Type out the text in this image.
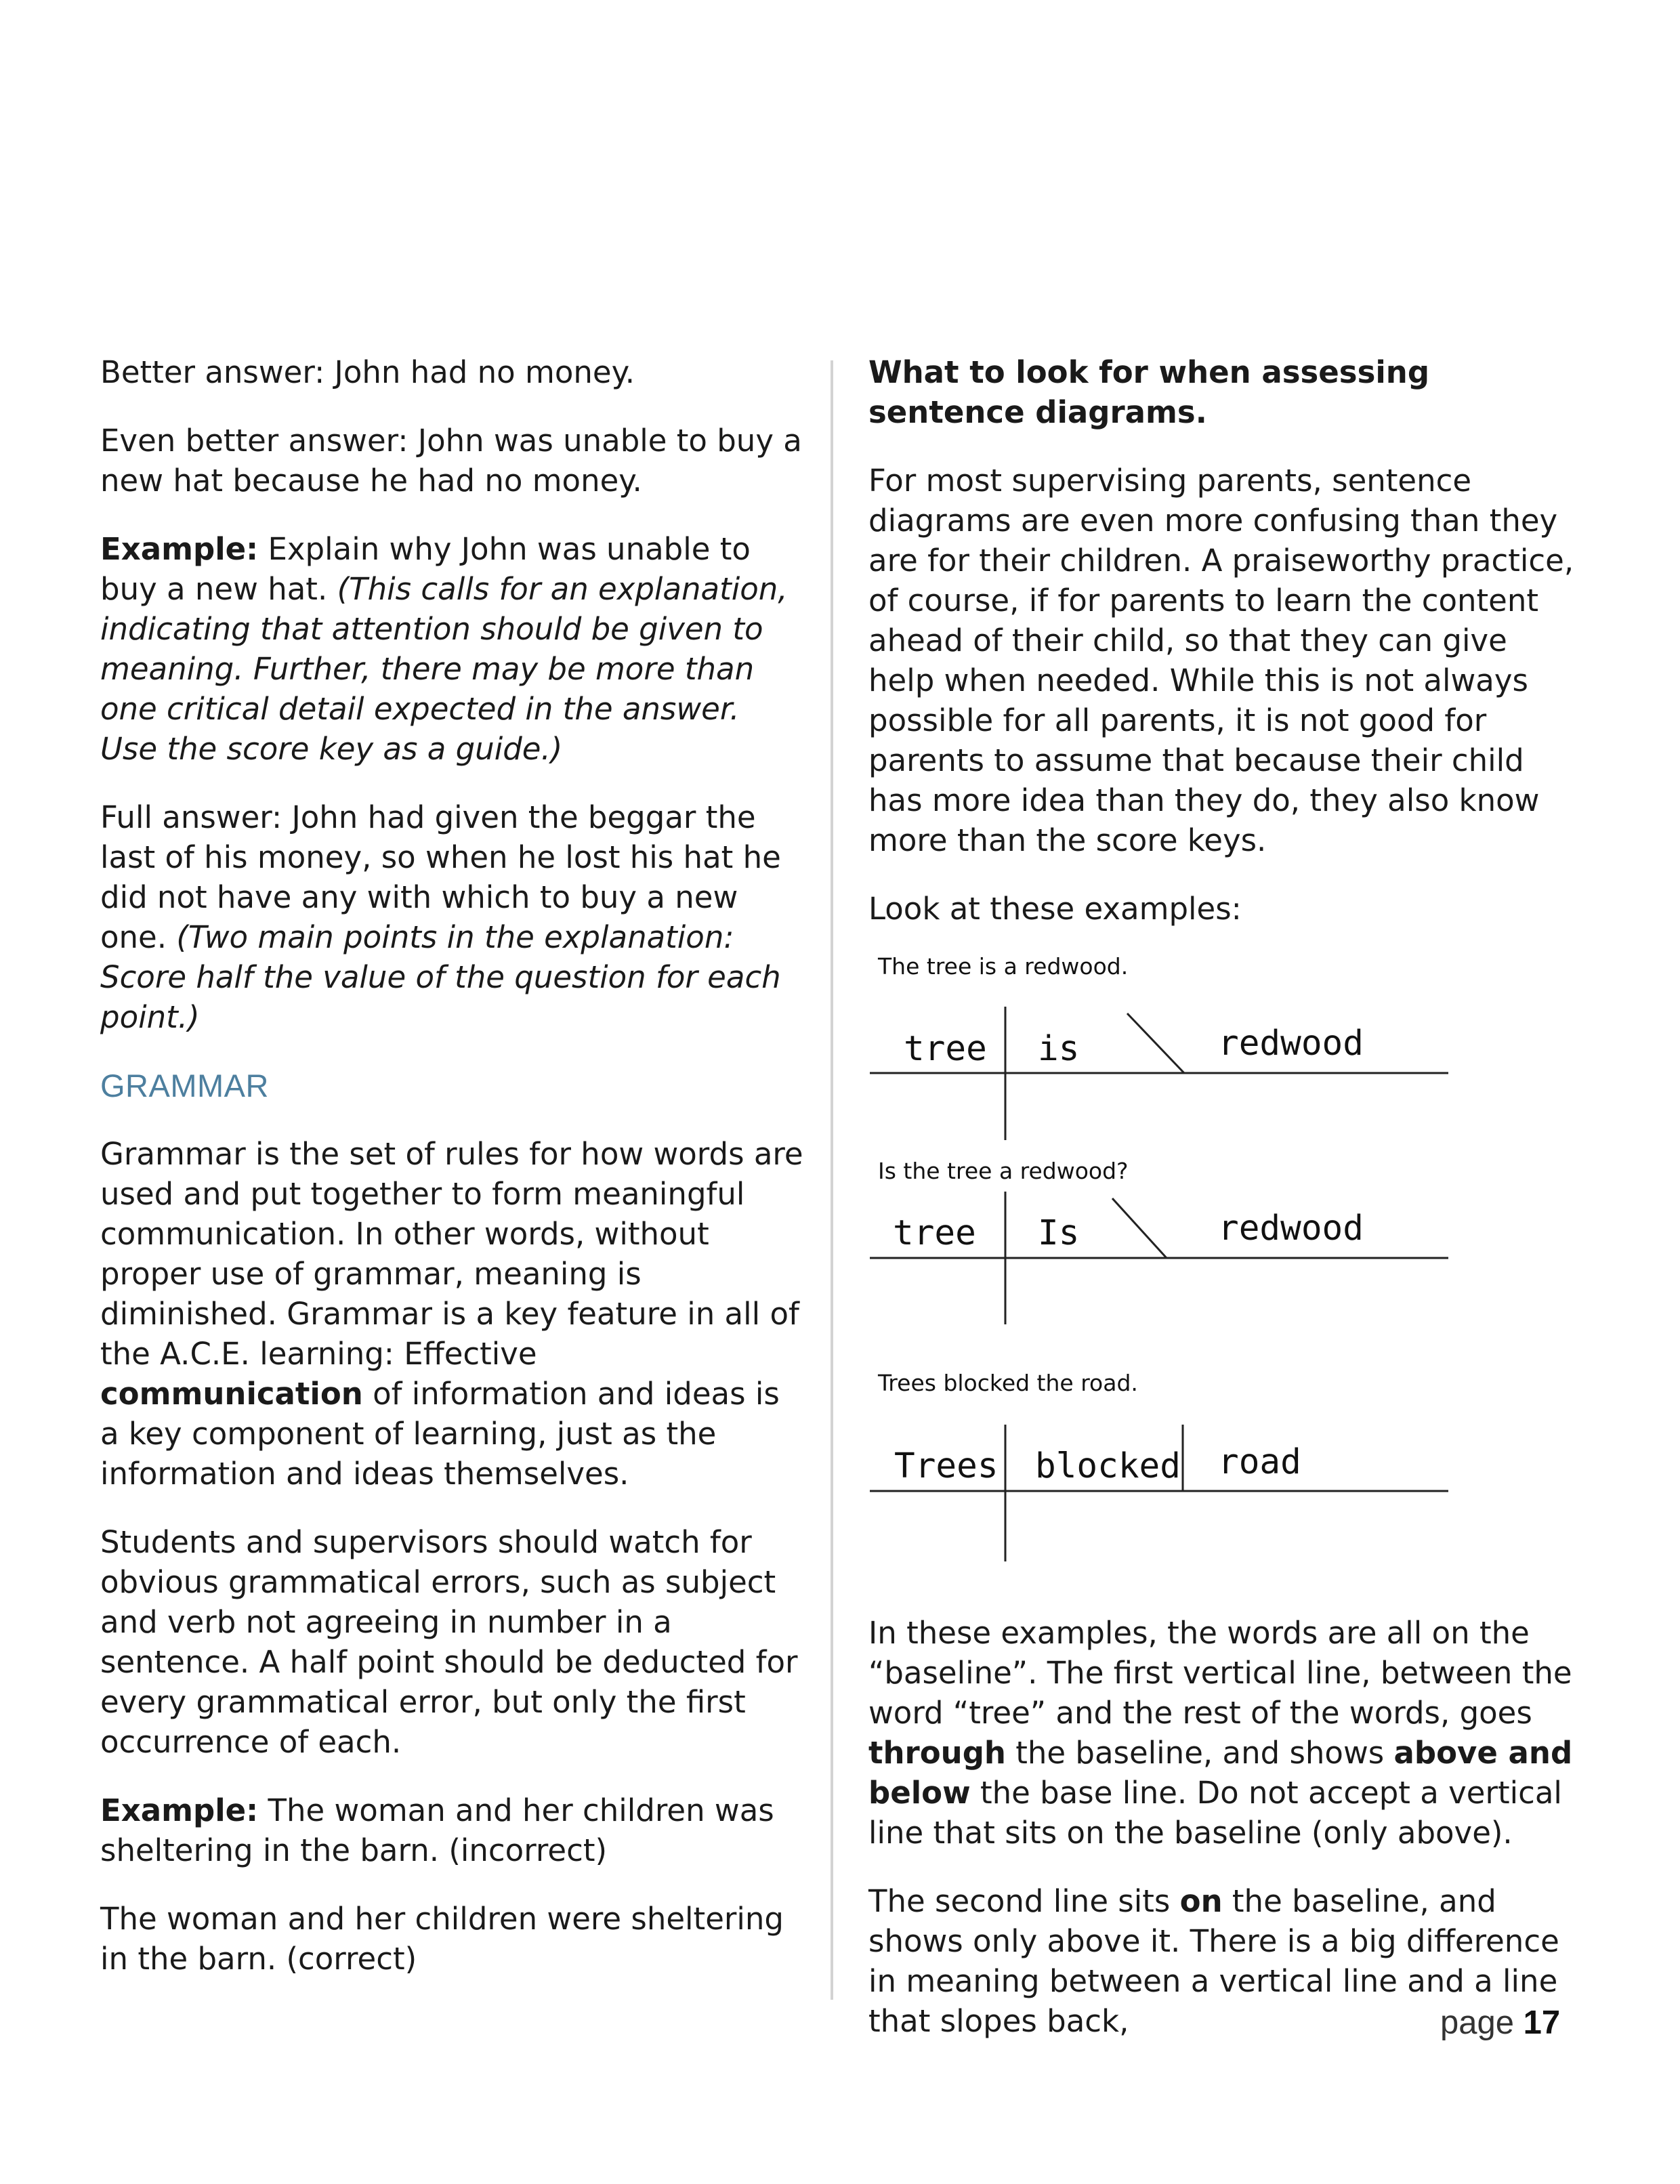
Better answer: John had no money.

Even better answer: John was unable to buy a new hat because he had no money.

Example: Explain why John was unable to buy a new hat. (This calls for an explanation, indicating that attention should be given to meaning. Further, there may be more than one critical detail expected in the answer. Use the score key as a guide.)

Full answer: John had given the beggar the last of his money, so when he lost his hat he did not have any with which to buy a new one. (Two main points in the explanation: Score half the value of the question for each point.)

GRAMMAR

Grammar is the set of rules for how words are used and put together to form meaningful communication. In other words, without proper use of grammar, meaning is diminished. Grammar is a key feature in all of the A.C.E. learning: Effective communication of information and ideas is a key component of learning, just as the information and ideas themselves.

Students and supervisors should watch for obvious grammatical errors, such as subject and verb not agreeing in number in a sentence. A half point should be deducted for every grammatical error, but only the first occurrence of each.

Example: The woman and her children was sheltering in the barn. (incorrect)

The woman and her children were sheltering in the barn. (correct)

What to look for when assessing sentence diagrams.

For most supervising parents, sentence diagrams are even more confusing than they are for their children. A praiseworthy practice, of course, if for parents to learn the content ahead of their child, so that they can give help when needed. While this is not always possible for all parents, it is not good for parents to assume that because their child has more idea than they do, they also know more than the score keys.

Look at these examples:

The tree is a redwood.
tree is	redwood
Is the tree a redwood?
tree Is	redwood
Trees blocked the road.
Trees blocked road

In these examples, the words are all on the “baseline”. The first vertical line, between the word “tree” and the rest of the words, goes through the baseline, and shows above and below the base line. Do not accept a vertical line that sits on the baseline (only above).

The second line sits on the baseline, and shows only above it. There is a big difference in meaning between a vertical line and a line that slopes back,	page 17
